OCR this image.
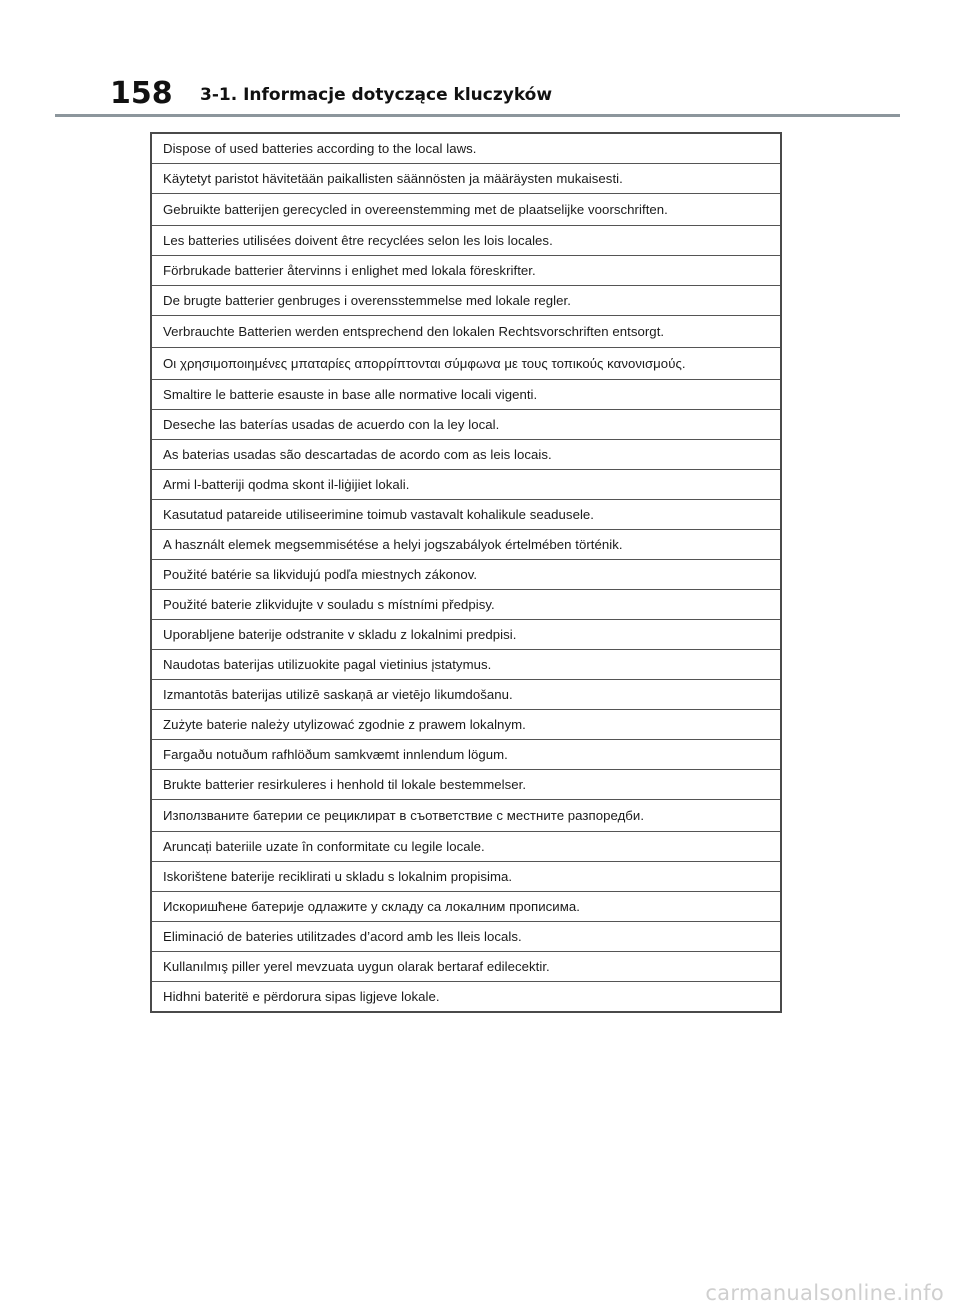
158 3-1. Informacje dotyczące kluczyków
Dispose of used batteries according to the local laws.
Käytetyt paristot hävitetään paikallisten säännösten ja määräysten mukaisesti.
Gebruikte batterijen gerecycled in overeenstemming met de plaatselijke voorschriften.
Les batteries utilisées doivent être recyclées selon les lois locales.
Förbrukade batterier återvinns i enlighet med lokala föreskrifter.
De brugte batterier genbruges i overensstemmelse med lokale regler.
Verbrauchte Batterien werden entsprechend den lokalen Rechtsvorschriften entsorgt.
Οι χρησιμοποιημένες μπαταρίες απορρίπτονται σύμφωνα με τους τοπικούς κανονισμούς.
Smaltire le batterie esauste in base alle normative locali vigenti.
Deseche las baterías usadas de acuerdo con la ley local.
As baterias usadas são descartadas de acordo com as leis locais.
Armi l-batteriji qodma skont il-liġijiet lokali.
Kasutatud patareide utiliseerimine toimub vastavalt kohalikule seadusele.
A használt elemek megsemmisétése a helyi jogszabályok értelmében történik.
Použité batérie sa likvidujú podľa miestnych zákonov.
Použité baterie zlikvidujte v souladu s místními předpisy.
Uporabljene baterije odstranite v skladu z lokalnimi predpisi.
Naudotas baterijas utilizuokite pagal vietinius įstatymus.
Izmantotās baterijas utilizē saskaņā ar vietējo likumdošanu.
Zużyte baterie należy utylizować zgodnie z prawem lokalnym.
Fargaðu notuðum rafhlöðum samkvæmt innlendum lögum.
Brukte batterier resirkuleres i henhold til lokale bestemmelser.
Използваните батерии се рециклират в съответствие с местните разпоредби.
Aruncați bateriile uzate în conformitate cu legile locale.
Iskorištene baterije reciklirati u skladu s lokalnim propisima.
Искоришћене батерије одлажите у складу са локалним прописима.
Eliminació de bateries utilitzades d’acord amb les lleis locals.
Kullanılmış piller yerel mevzuata uygun olarak bertaraf edilecektir.
Hidhni bateritë e përdorura sipas ligjeve lokale.
carmanualsonline.info
